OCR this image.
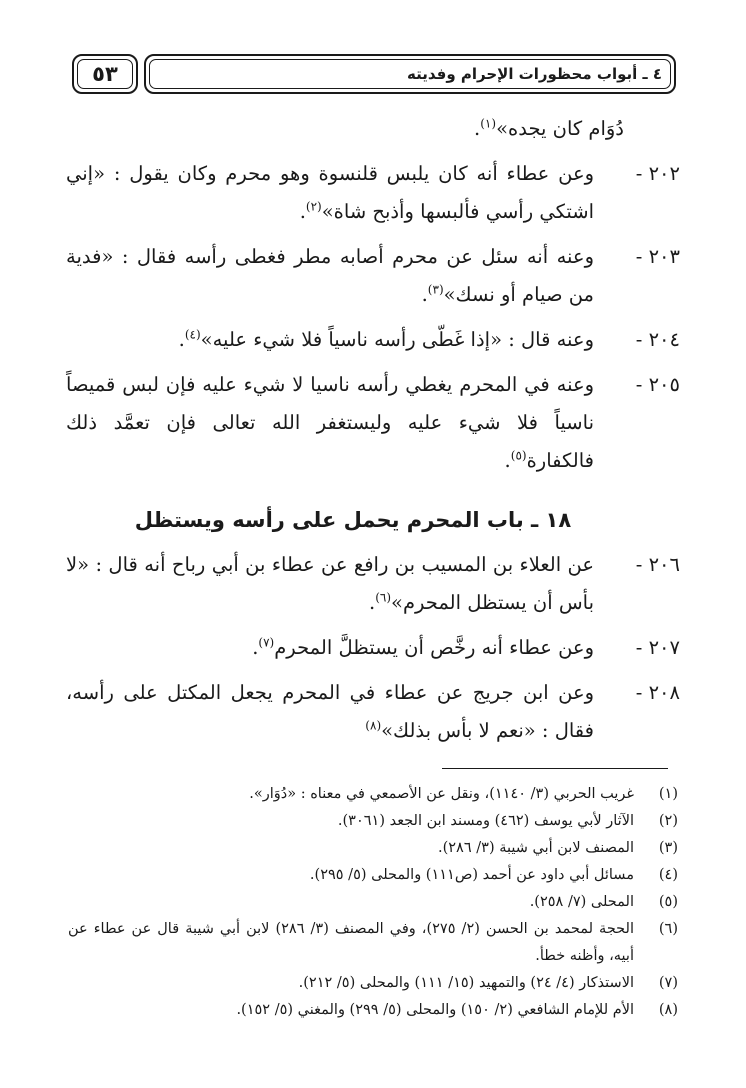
٥٣	٤ ـ أبواب محظورات الإحرام وفديته
دُوَام كان يجده»$^{(١)}$.
٢٠٢ -
وعن عطاء أنه كان يلبس قلنسوة وهو محرم وكان يقول : «إني اشتكي رأسي فألبسها وأذبح شاة»$^{(٢)}$.
٢٠٣ -
وعنه أنه سئل عن محرم أصابه مطر فغطى رأسه فقال : «فدية من صيام أو نسك»$^{(٣)}$.
٢٠٤ -
وعنه قال : «إذا غَطّى رأسه ناسياً فلا شيء عليه»$^{(٤)}$.
٢٠٥ -
وعنه في المحرم يغطي رأسه ناسيا لا شيء عليه فإن لبس قميصاً ناسياً فلا شيء عليه وليستغفر الله تعالى فإن تعمَّد ذلك فالكفارة$^{(٥)}$.
١٨ ـ باب المحرم يحمل على رأسه ويستظل
٢٠٦ -
عن العلاء بن المسيب بن رافع عن عطاء بن أبي رباح أنه قال : «لا بأس أن يستظل المحرم»$^{(٦)}$.
٢٠٧ -
وعن عطاء أنه رخَّص أن يستظلَّ المحرم$^{(٧)}$.
٢٠٨ -
وعن ابن جريج عن عطاء في المحرم يجعل المكتل على رأسه، فقال : «نعم لا بأس بذلك»$^{(٨)}$
(١)
غريب الحربي (٣/ ١١٤٠)، ونقل عن الأصمعي في معناه : «دُوَار».
(٢)
الآثار لأبي يوسف (٤٦٢) ومسند ابن الجعد (٣٠٦١).
(٣)
المصنف لابن أبي شيبة (٣/ ٢٨٦).
(٤)
مسائل أبي داود عن أحمد (ص١١١) والمحلى (٥/ ٢٩٥).
(٥)
المحلى (٧/ ٢٥٨).
(٦)
الحجة لمحمد بن الحسن (٢/ ٢٧٥)، وفي المصنف (٣/ ٢٨٦) لابن أبي شيبة قال عن عطاء عن أبيه، وأظنه خطأ.
(٧)
الاستذكار (٤/ ٢٤) والتمهيد (١٥/ ١١١) والمحلى (٥/ ٢١٢).
(٨)
الأم للإمام الشافعي (٢/ ١٥٠) والمحلى (٥/ ٢٩٩) والمغني (٥/ ١٥٢).
